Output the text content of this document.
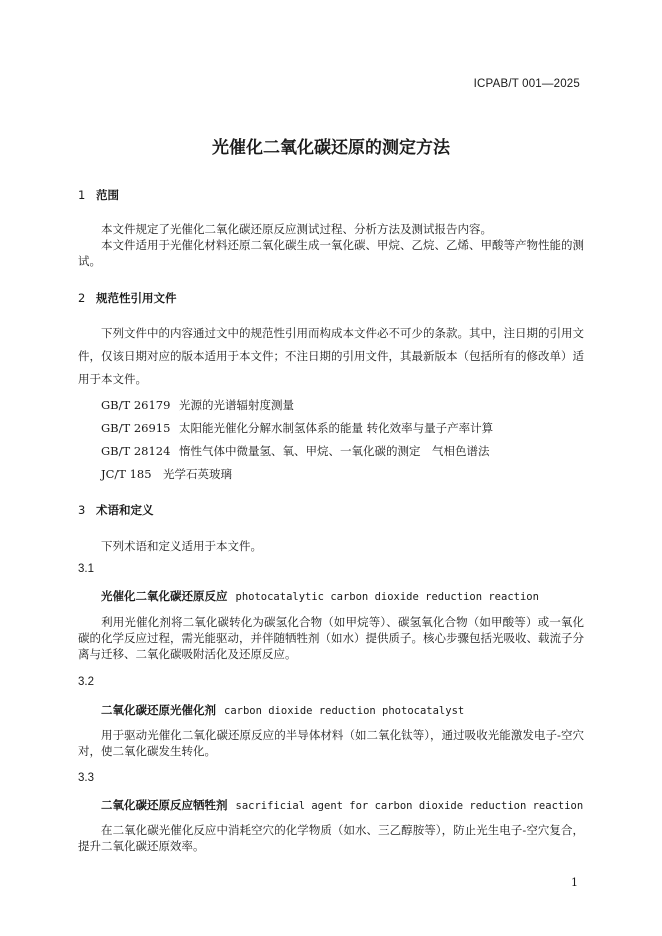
ICPAB/T 001—2025
光催化二氧化碳还原的测定方法
1 范围
本文件规定了光催化二氧化碳还原反应测试过程、分析方法及测试报告内容。
本文件适用于光催化材料还原二氧化碳生成一氧化碳、甲烷、乙烷、乙烯、甲酸等产物性能的测试。
2 规范性引用文件
下列文件中的内容通过文中的规范性引用而构成本文件必不可少的条款。其中，注日期的引用文件，仅该日期对应的版本适用于本文件；不注日期的引用文件，其最新版本（包括所有的修改单）适用于本文件。
GB/T 26179 光源的光谱辐射度测量
GB/T 26915 太阳能光催化分解水制氢体系的能量 转化效率与量子产率计算
GB/T 28124 惰性气体中微量氢、氧、甲烷、一氧化碳的测定　气相色谱法
JC/T 185 光学石英玻璃
3 术语和定义
下列术语和定义适用于本文件。
3.1
光催化二氧化碳还原反应 photocatalytic carbon dioxide reduction reaction
利用光催化剂将二氧化碳转化为碳氢化合物（如甲烷等）、碳氢氧化合物（如甲酸等）或一氧化碳的化学反应过程，需光能驱动，并伴随牺牲剂（如水）提供质子。核心步骤包括光吸收、载流子分离与迁移、二氧化碳吸附活化及还原反应。
3.2
二氧化碳还原光催化剂 carbon dioxide reduction photocatalyst
用于驱动光催化二氧化碳还原反应的半导体材料（如二氧化钛等），通过吸收光能激发电子-空穴对，使二氧化碳发生转化。
3.3
二氧化碳还原反应牺牲剂 sacrificial agent for carbon dioxide reduction reaction
在二氧化碳光催化反应中消耗空穴的化学物质（如水、三乙醇胺等），防止光生电子-空穴复合，提升二氧化碳还原效率。
1
